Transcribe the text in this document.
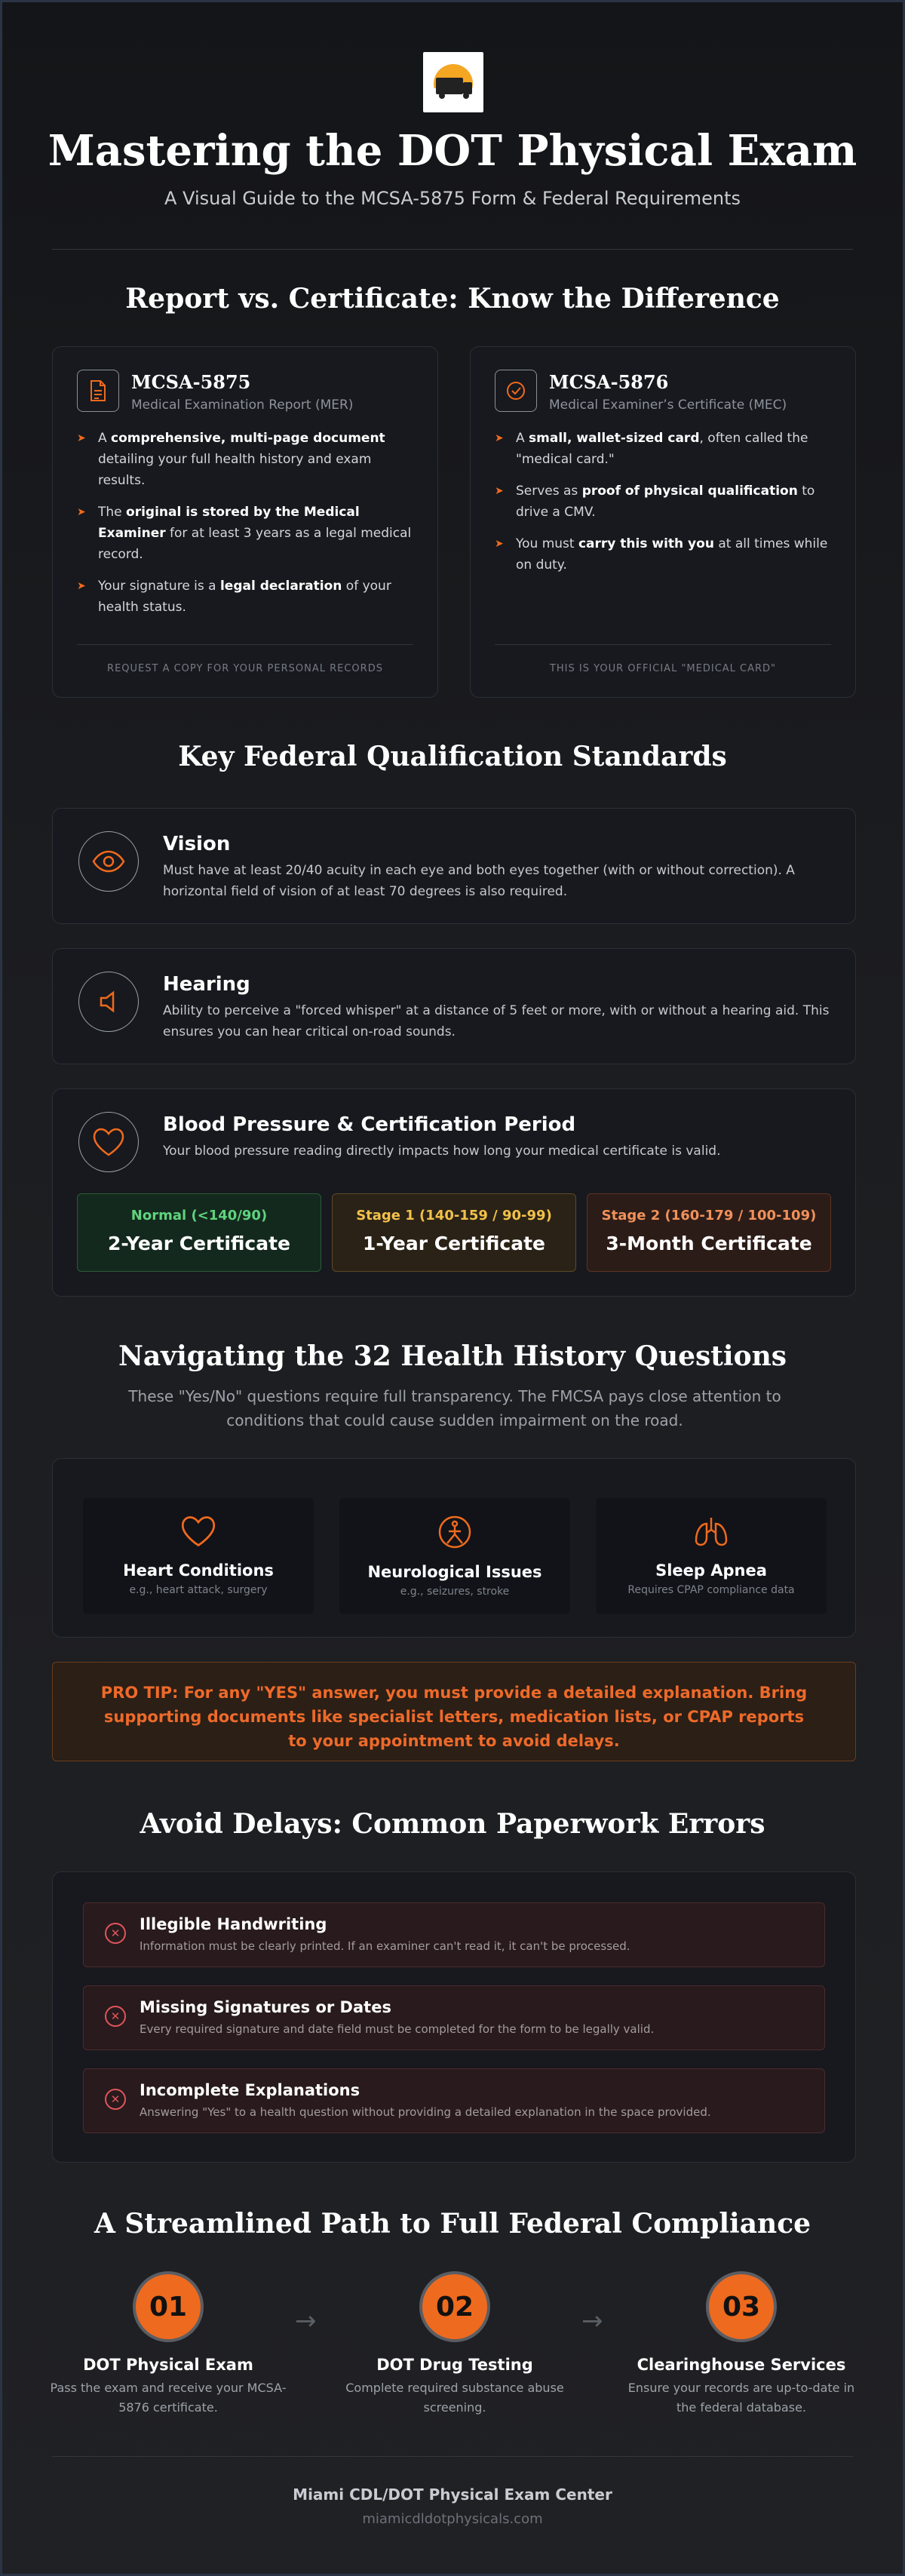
Mastering the DOT Physical Exam
A Visual Guide to the MCSA-5875 Form & Federal Requirements
Report vs. Certificate: Know the Difference
MCSA-5875
Medical Examination Report (MER)
➤ A comprehensive, multi-page document detailing your full health history and exam results.
➤ The original is stored by the Medical Examiner for at least 3 years as a legal medical record.
➤ Your signature is a legal declaration of your health status.
REQUEST A COPY FOR YOUR PERSONAL RECORDS
MCSA-5876
Medical Examiner’s Certificate (MEC)
➤ A small, wallet-sized card, often called the "medical card."
➤ Serves as proof of physical qualification to drive a CMV.
➤ You must carry this with you at all times while on duty.
THIS IS YOUR OFFICIAL "MEDICAL CARD"
Key Federal Qualification Standards
Vision
Must have at least 20/40 acuity in each eye and both eyes together (with or without correction). A horizontal field of vision of at least 70 degrees is also required.
Hearing
Ability to perceive a "forced whisper" at a distance of 5 feet or more, with or without a hearing aid. This ensures you can hear critical on-road sounds.
Blood Pressure & Certification Period
Your blood pressure reading directly impacts how long your medical certificate is valid.
Normal (<140/90)
2-Year Certificate
Stage 1 (140-159 / 90-99)
1-Year Certificate
Stage 2 (160-179 / 100-109)
3-Month Certificate
Navigating the 32 Health History Questions
These "Yes/No" questions require full transparency. The FMCSA pays close attention to conditions that could cause sudden impairment on the road.
Heart Conditions
e.g., heart attack, surgery
Neurological Issues
e.g., seizures, stroke
Sleep Apnea
Requires CPAP compliance data
PRO TIP: For any "YES" answer, you must provide a detailed explanation. Bring supporting documents like specialist letters, medication lists, or CPAP reports to your appointment to avoid delays.
Avoid Delays: Common Paperwork Errors
✕	Illegible Handwriting
Information must be clearly printed. If an examiner can't read it, it can't be processed.
✕	Missing Signatures or Dates
Every required signature and date field must be completed for the form to be legally valid.
✕	Incomplete Explanations
Answering "Yes" to a health question without providing a detailed explanation in the space provided.
A Streamlined Path to Full Federal Compliance
01
DOT Physical Exam
Pass the exam and receive your MCSA-5876 certificate.
→	02
DOT Drug Testing
Complete required substance abuse screening.
→	03
Clearinghouse Services
Ensure your records are up-to-date in the federal database.
Miami CDL/DOT Physical Exam Center
miamicdldotphysicals.com
